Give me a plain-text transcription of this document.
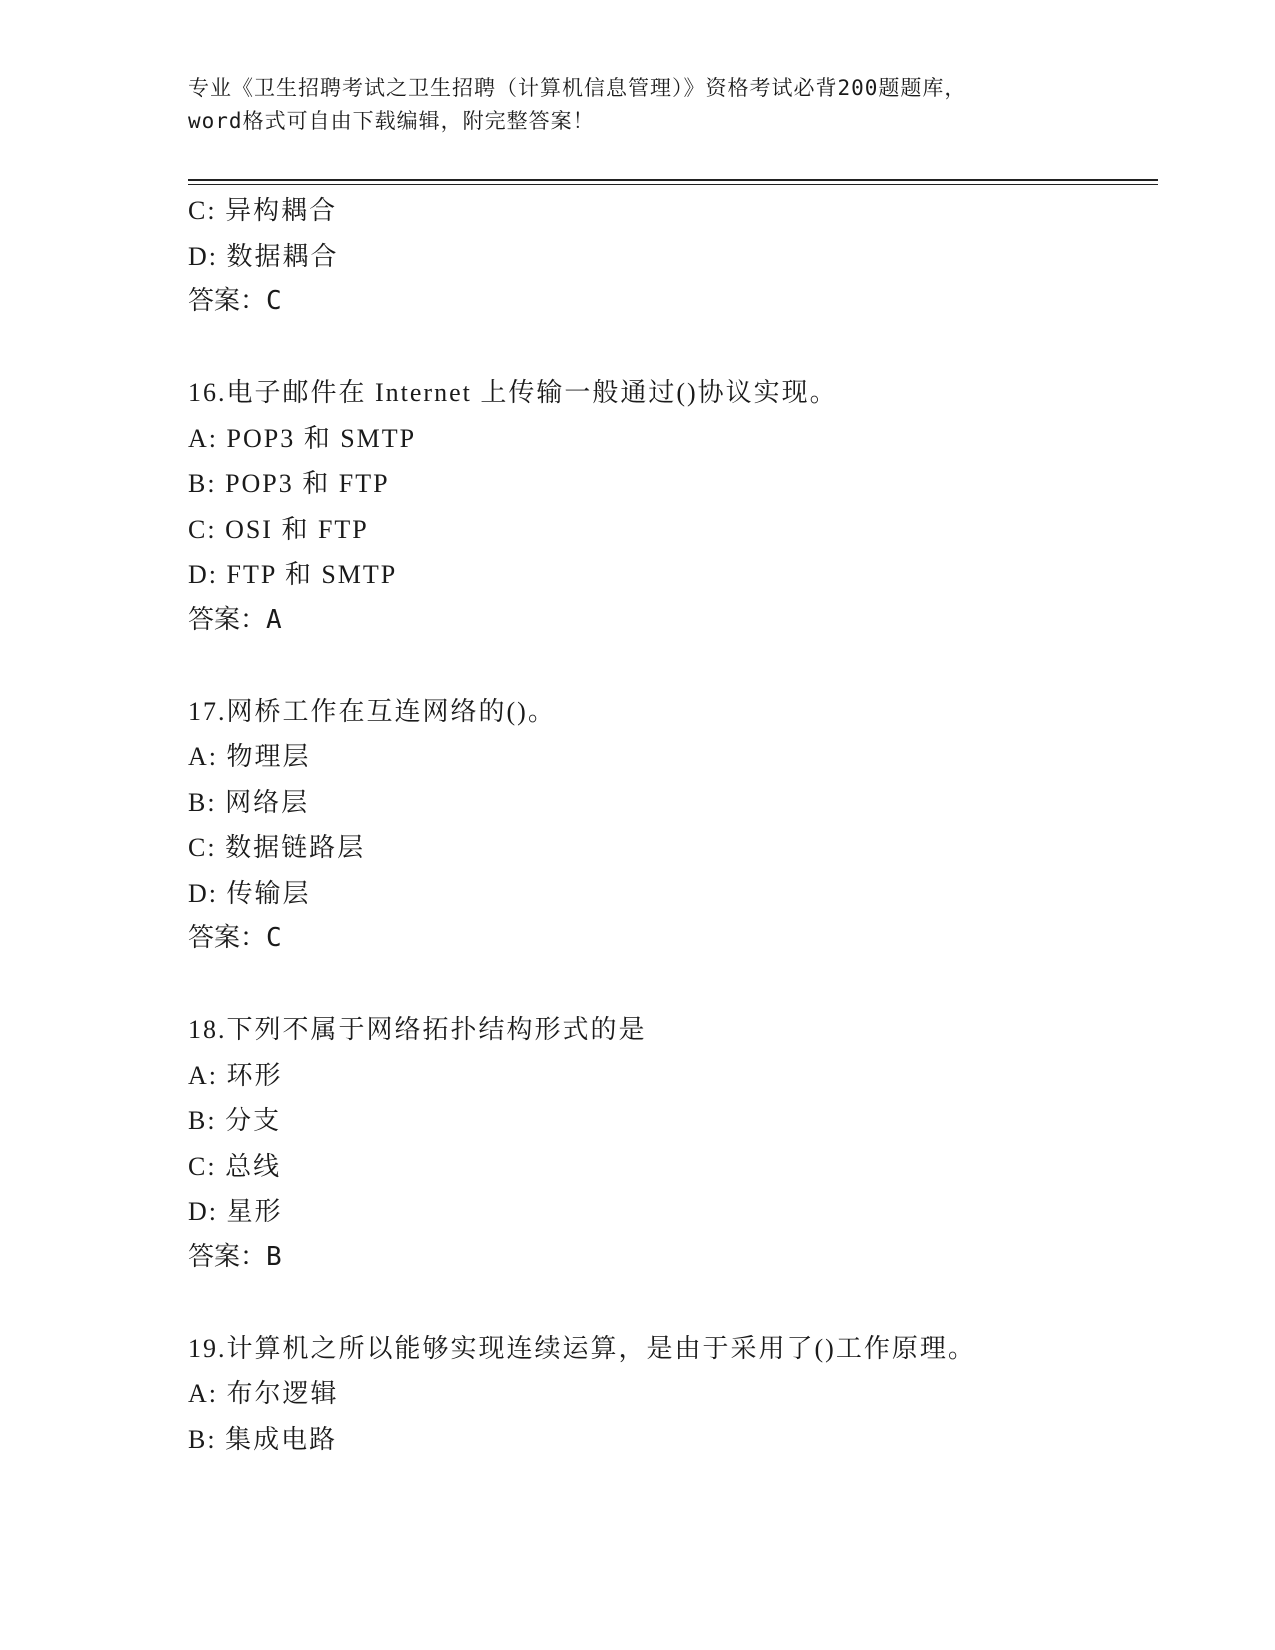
专业《卫生招聘考试之卫生招聘（计算机信息管理）》资格考试必背200题题库，
word格式可自由下载编辑，附完整答案！
C: 异构耦合
D: 数据耦合
答案：C
16.电子邮件在 Internet 上传输一般通过()协议实现。
A: POP3 和 SMTP
B: POP3 和 FTP
C: OSI 和 FTP
D: FTP 和 SMTP
答案：A
17.网桥工作在互连网络的()。
A: 物理层
B: 网络层
C: 数据链路层
D: 传输层
答案：C
18.下列不属于网络拓扑结构形式的是
A: 环形
B: 分支
C: 总线
D: 星形
答案：B
19.计算机之所以能够实现连续运算，是由于采用了()工作原理。
A: 布尔逻辑
B: 集成电路
